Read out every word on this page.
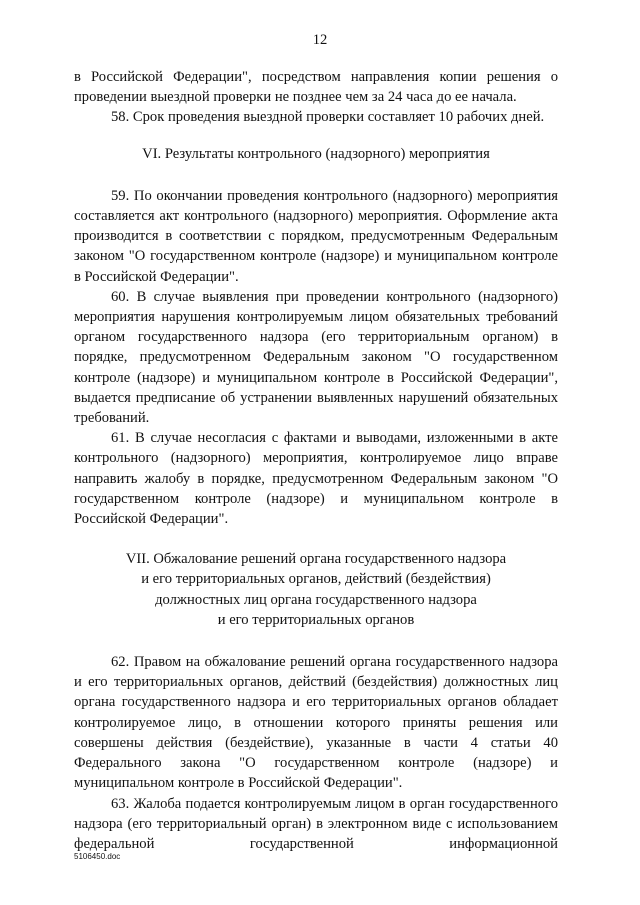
12

в Российской Федерации", посредством направления копии решения о проведении выездной проверки не позднее чем за 24 часа до ее начала.

58. Срок проведения выездной проверки составляет 10 рабочих дней.

VI. Результаты контрольного (надзорного) мероприятия

59. По окончании проведения контрольного (надзорного) мероприятия составляется акт контрольного (надзорного) мероприятия. Оформление акта производится в соответствии с порядком, предусмотренным Федеральным законом "О государственном контроле (надзоре) и муниципальном контроле в Российской Федерации".

60. В случае выявления при проведении контрольного (надзорного) мероприятия нарушения контролируемым лицом обязательных требований органом государственного надзора (его территориальным органом) в порядке, предусмотренном Федеральным законом "О государственном контроле (надзоре) и муниципальном контроле в Российской Федерации", выдается предписание об устранении выявленных нарушений обязательных требований.

61. В случае несогласия с фактами и выводами, изложенными в акте контрольного (надзорного) мероприятия, контролируемое лицо вправе направить жалобу в порядке, предусмотренном Федеральным законом "О государственном контроле (надзоре) и муниципальном контроле в Российской Федерации".

VII. Обжалование решений органа государственного надзора
и его территориальных органов, действий (бездействия)
должностных лиц органа государственного надзора
и его территориальных органов

62. Правом на обжалование решений органа государственного надзора и его территориальных органов, действий (бездействия) должностных лиц органа государственного надзора и его территориальных органов обладает контролируемое лицо, в отношении которого приняты решения или совершены действия (бездействие), указанные в части 4 статьи 40 Федерального закона "О государственном контроле (надзоре) и муниципальном контроле в Российской Федерации".

63. Жалоба подается контролируемым лицом в орган государственного надзора (его территориальный орган) в электронном виде с использованием федеральной государственной информационной

5106450.doc
